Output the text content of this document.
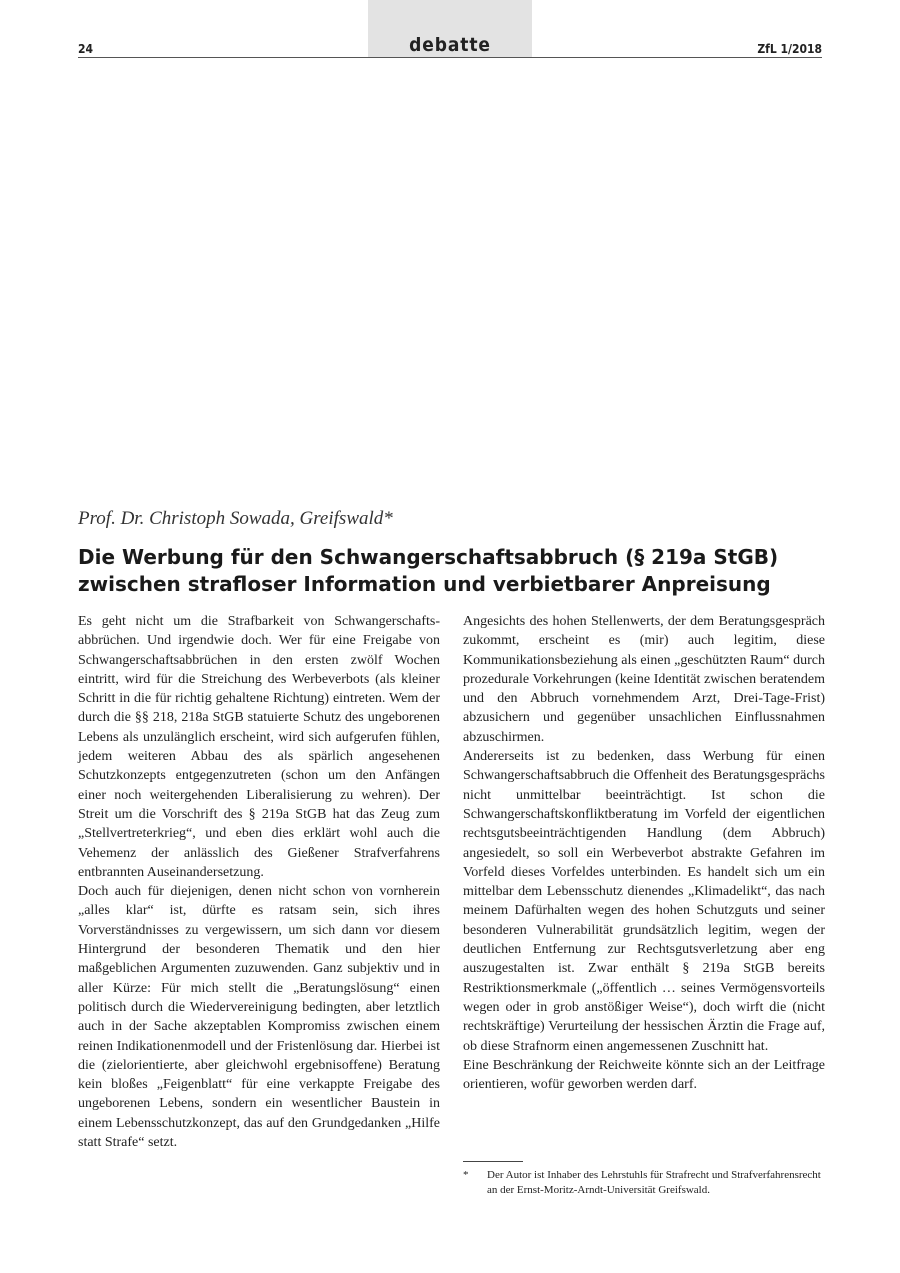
debatte
24	ZfL 1/2018
Prof. Dr. Christoph Sowada, Greifswald*
Die Werbung für den Schwangerschaftsabbruch (§ 219a StGB)
zwischen strafloser Information und verbietbarer Anpreisung

Es geht nicht um die Strafbarkeit von Schwangerschaftsabbrüchen. Und irgendwie doch. Wer für eine Freigabe von Schwangerschaftsabbrüchen in den ersten zwölf Wochen eintritt, wird für die Streichung des Werbeverbots (als kleiner Schritt in die für richtig gehaltene Richtung) eintreten. Wem der durch die §§ 218, 218a StGB statuierte Schutz des ungeborenen Lebens als unzulänglich erscheint, wird sich aufgerufen fühlen, jedem weiteren Abbau des als spärlich angesehenen Schutzkonzepts entgegenzutreten (schon um den Anfängen einer noch weitergehenden Liberalisierung zu wehren). Der Streit um die Vorschrift des § 219a StGB hat das Zeug zum „Stellvertreterkrieg“, und eben dies erklärt wohl auch die Vehemenz der anlässlich des Gießener Strafverfahrens entbrannten Auseinandersetzung.

Doch auch für diejenigen, denen nicht schon von vornherein „alles klar“ ist, dürfte es ratsam sein, sich ihres Vorverständnisses zu vergewissern, um sich dann vor diesem Hintergrund der besonderen Thematik und den hier maßgeblichen Argumenten zuzuwenden. Ganz subjektiv und in aller Kürze: Für mich stellt die „Beratungslösung“ einen politisch durch die Wiedervereinigung bedingten, aber letztlich auch in der Sache akzeptablen Kompromiss zwischen einem reinen Indikationenmodell und der Fristenlösung dar. Hierbei ist die (zielorientierte, aber gleichwohl ergebnisoffene) Beratung kein bloßes „Feigenblatt“ für eine verkappte Freigabe des ungeborenen Lebens, sondern ein wesentlicher Baustein in einem Lebensschutzkonzept, das auf den Grundgedanken „Hilfe statt Strafe“ setzt.

Angesichts des hohen Stellenwerts, der dem Beratungsgespräch zukommt, erscheint es (mir) auch legitim, diese Kommunikationsbeziehung als einen „geschützten Raum“ durch prozedurale Vorkehrungen (keine Identität zwischen beratendem und den Abbruch vornehmendem Arzt, Drei-Tage-Frist) abzusichern und gegenüber unsachlichen Einflussnahmen abzuschirmen.

Andererseits ist zu bedenken, dass Werbung für einen Schwangerschaftsabbruch die Offenheit des Beratungsgesprächs nicht unmittelbar beeinträchtigt. Ist schon die Schwangerschaftskonfliktberatung im Vorfeld der eigentlichen rechtsgutsbeeinträchtigenden Handlung (dem Abbruch) angesiedelt, so soll ein Werbeverbot abstrakte Gefahren im Vorfeld dieses Vorfeldes unterbinden. Es handelt sich um ein mittelbar dem Lebensschutz dienendes „Klimadelikt“, das nach meinem Dafürhalten wegen des hohen Schutzguts und seiner besonderen Vulnerabilität grundsätzlich legitim, wegen der deutlichen Entfernung zur Rechtsgutsverletzung aber eng auszugestalten ist. Zwar enthält § 219a StGB bereits Restriktionsmerkmale („öffentlich … seines Vermögensvorteils wegen oder in grob anstößiger Weise“), doch wirft die (nicht rechtskräftige) Verurteilung der hessischen Ärztin die Frage auf, ob diese Strafnorm einen angemessenen Zuschnitt hat.

Eine Beschränkung der Reichweite könnte sich an der Leitfrage orientieren, wofür geworben werden darf.

*	Der Autor ist Inhaber des Lehrstuhls für Strafrecht und Strafverfahrensrecht an der Ernst-Moritz-Arndt-Universität Greifswald.
